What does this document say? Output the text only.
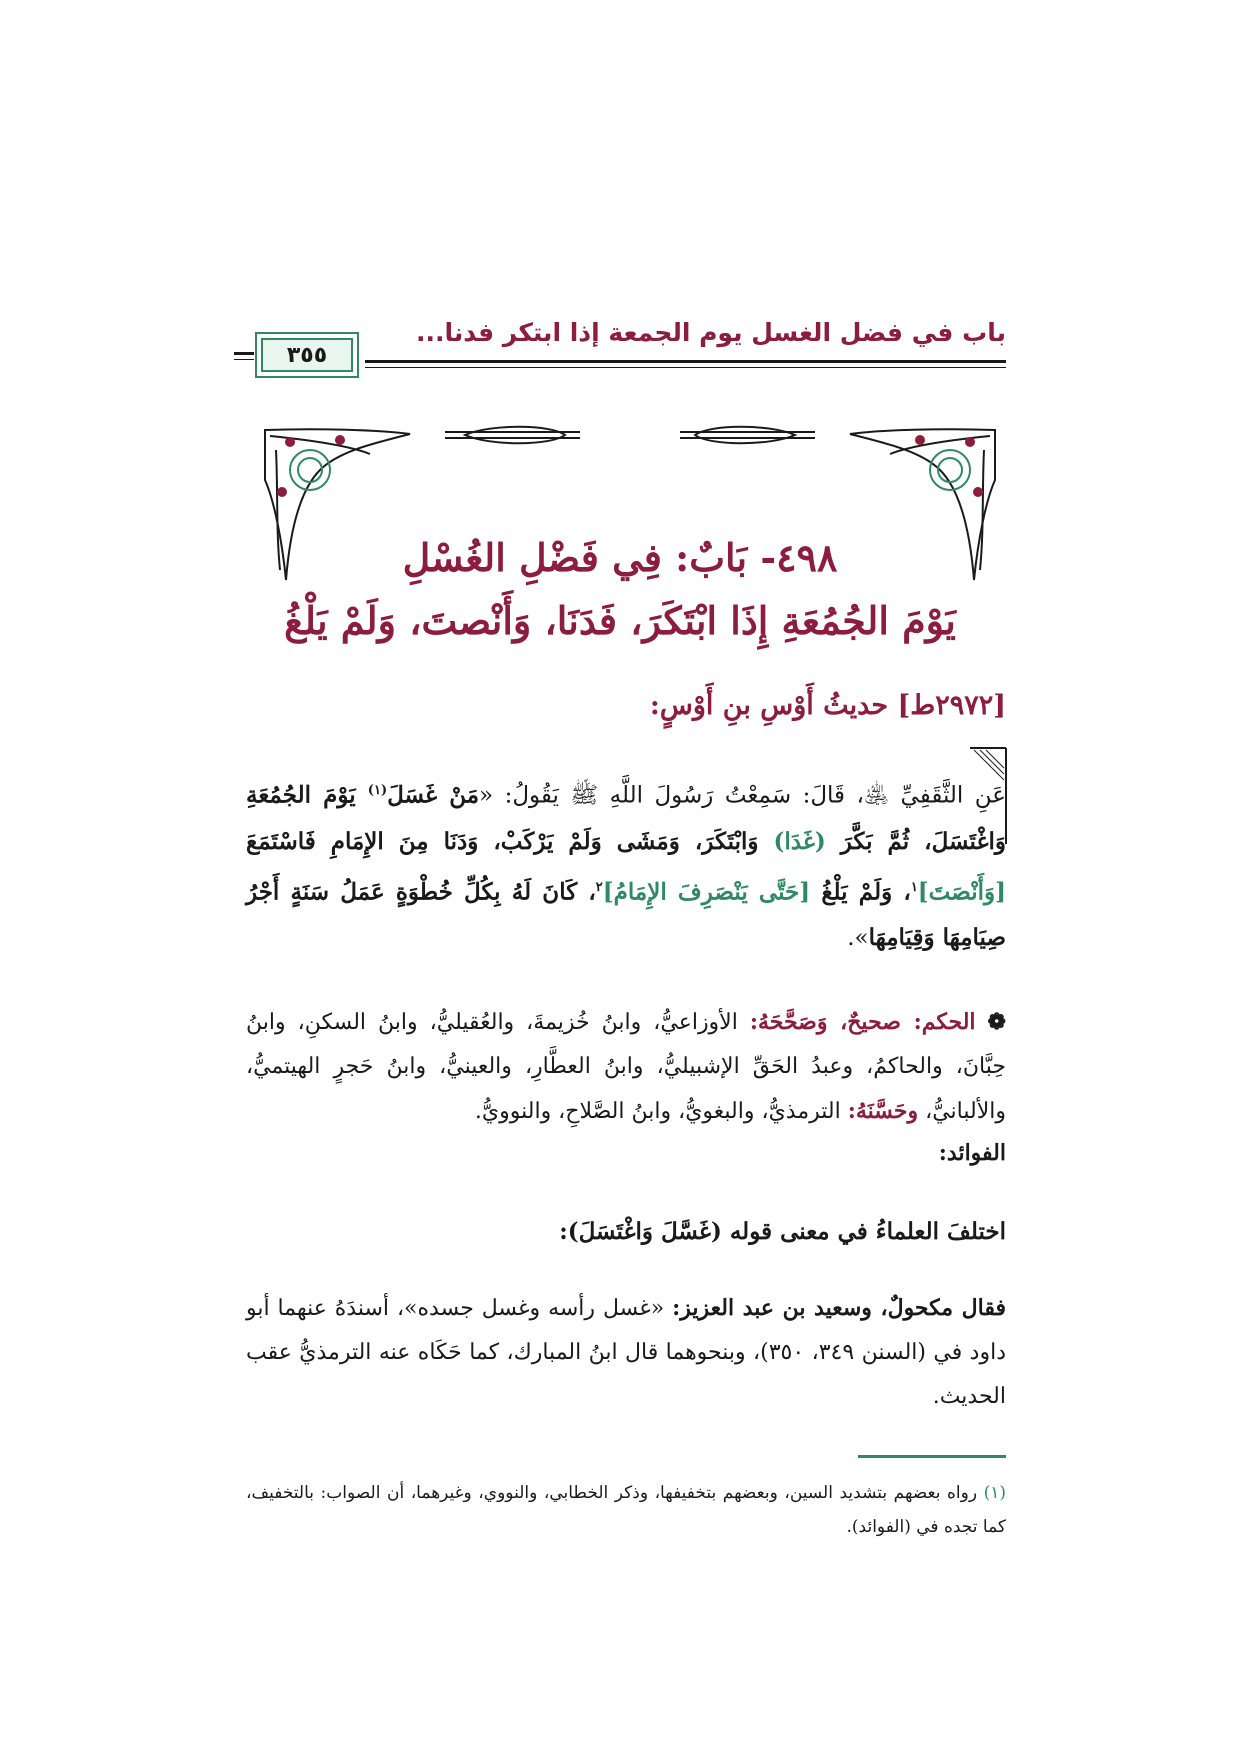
باب في فضل الغسل يوم الجمعة إذا ابتكر فدنا...
٣٥٥
٤٩٨- بَابٌ: فِي فَضْلِ الغُسْلِ
يَوْمَ الجُمُعَةِ إِذَا ابْتَكَرَ، فَدَنَا، وَأَنْصتَ، وَلَمْ يَلْغُ
[٢٩٧٢ط] حديثُ أَوْسِ بنِ أَوْسٍ:
عَنِ الثَّقَفِيِّ ﵁، قَالَ: سَمِعْتُ رَسُولَ اللَّهِ ﷺ يَقُولُ: «مَنْ غَسَلَ$^{(١)}$ يَوْمَ الجُمُعَةِ وَاغْتَسَلَ، ثُمَّ بَكَّرَ (غَدَا) وَابْتَكَرَ، وَمَشَى وَلَمْ يَرْكَبْ، وَدَنَا مِنَ الإِمَامِ فَاسْتَمَعَ [وَأَنْصَتَ]$^١$، وَلَمْ يَلْغُ [حَتَّى يَنْصَرِفَ الإِمَامُ]$^٢$، كَانَ لَهُ بِكُلِّ خُطْوَةٍ عَمَلُ سَنَةٍ أَجْرُ صِيَامِهَا وَقِيَامِهَا».
❁ الحكم: صحيحٌ، وَصَحَّحَهُ: الأوزاعيُّ، وابنُ خُزيمةَ، والعُقيليُّ، وابنُ السكنِ، وابنُ حِبَّانَ، والحاكمُ، وعبدُ الحَقِّ الإشبيليُّ، وابنُ العطَّارِ، والعينيُّ، وابنُ حَجرٍ الهيتميُّ، والألبانيُّ، وحَسَّنَهُ: الترمذيُّ، والبغويُّ، وابنُ الصَّلاحِ، والنوويُّ.
الفوائد:
اختلفَ العلماءُ في معنى قوله (غَسَّلَ وَاغْتَسَلَ):
فقال مكحولٌ، وسعيد بن عبد العزيز: «غسل رأسه وغسل جسده»، أسندَهُ عنهما أبو داود في (السنن ٣٤٩، ٣٥٠)، وبنحوهما قال ابنُ المبارك، كما حَكَاه عنه الترمذيُّ عقب الحديث.
(١) رواه بعضهم بتشديد السين، وبعضهم بتخفيفها، وذكر الخطابي، والنووي، وغيرهما، أن الصواب: بالتخفيف، كما تجده في (الفوائد).
